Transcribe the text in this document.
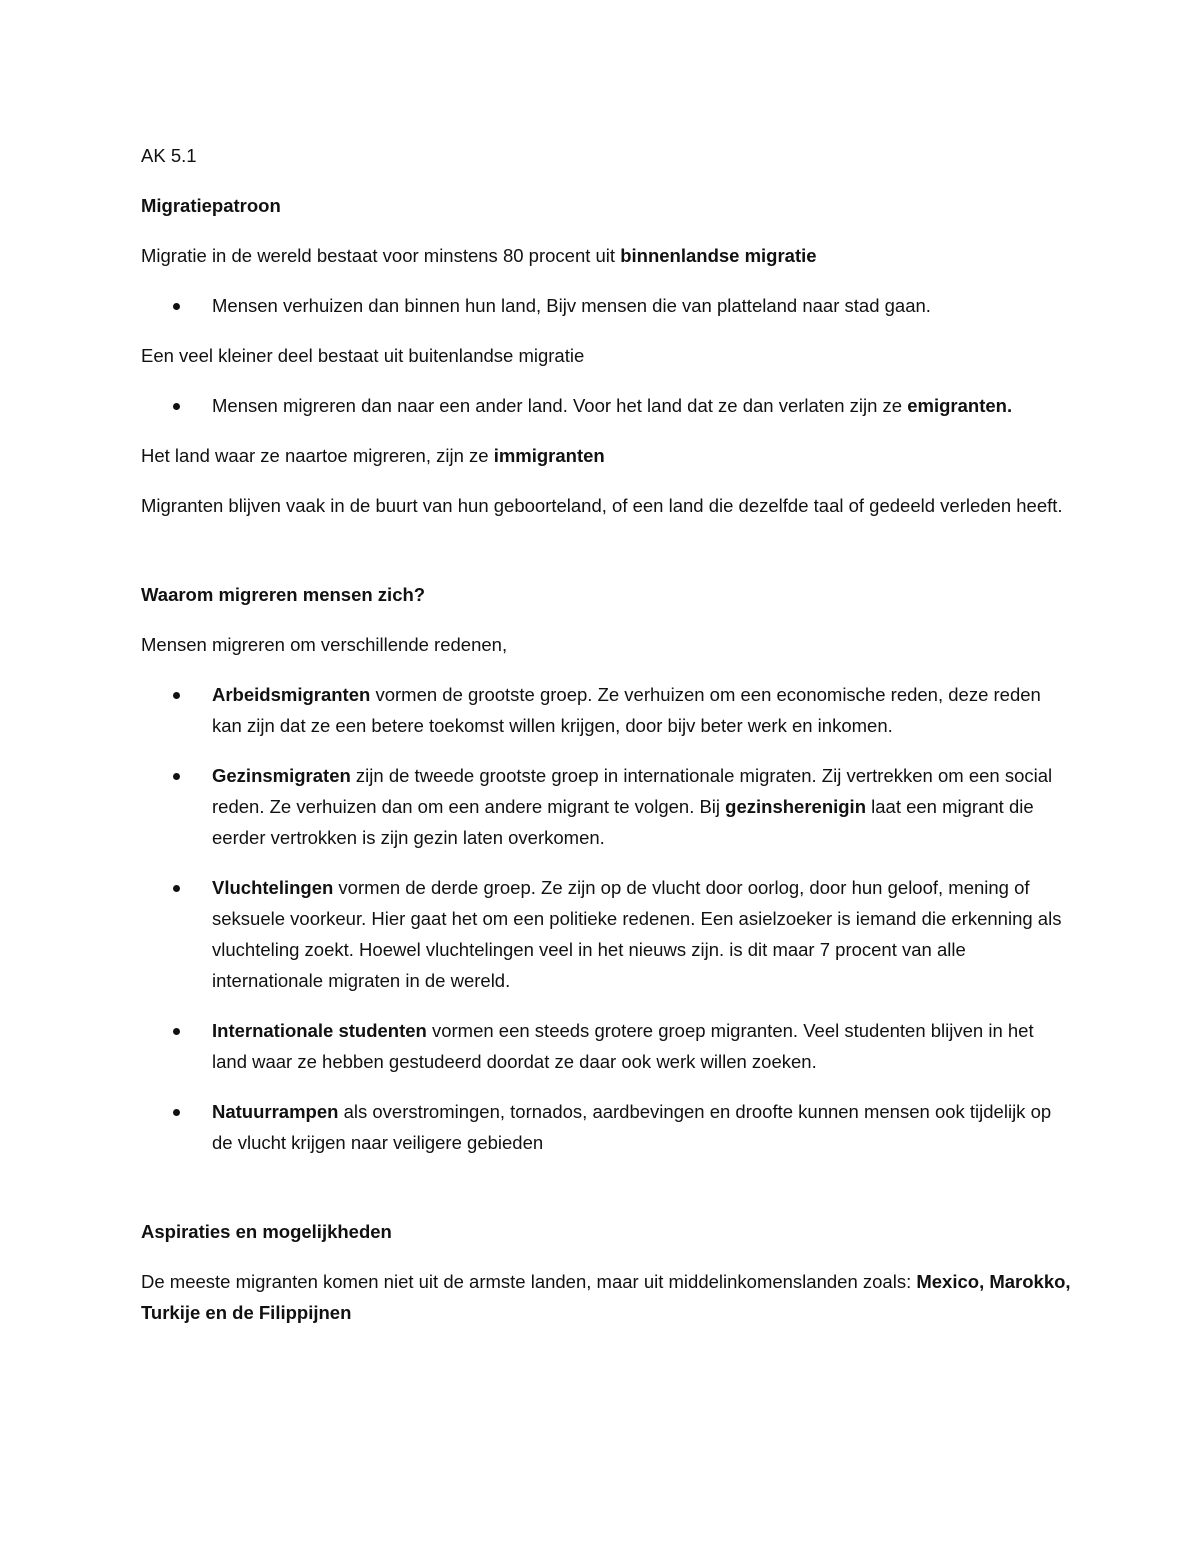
AK 5.1
Migratiepatroon
Migratie in de wereld bestaat voor minstens 80 procent uit binnenlandse migratie
Mensen verhuizen dan binnen hun land, Bijv mensen die van platteland naar stad gaan.
Een veel kleiner deel bestaat uit buitenlandse migratie
Mensen migreren dan naar een ander land. Voor het land dat ze dan verlaten zijn ze emigranten.
Het land waar ze naartoe migreren, zijn ze immigranten
Migranten blijven vaak in de buurt van hun geboorteland, of een land die dezelfde taal of gedeeld verleden heeft.
Waarom migreren mensen zich?
Mensen migreren om verschillende redenen,
Arbeidsmigranten vormen de grootste groep. Ze verhuizen om een economische reden, deze reden kan zijn dat ze een betere toekomst willen krijgen, door bijv beter werk en inkomen.
Gezinsmigraten zijn de tweede grootste groep in internationale migraten. Zij vertrekken om een social reden. Ze verhuizen dan om een andere migrant te volgen. Bij gezinsherenigin laat een migrant die eerder vertrokken is zijn gezin laten overkomen.
Vluchtelingen vormen de derde groep. Ze zijn op de vlucht door oorlog, door hun geloof, mening of seksuele voorkeur. Hier gaat het om een politieke redenen. Een asielzoeker is iemand die erkenning als vluchteling zoekt. Hoewel vluchtelingen veel in het nieuws zijn. is dit maar 7 procent van alle internationale migraten in de wereld.
Internationale studenten vormen een steeds grotere groep migranten. Veel studenten blijven in het land waar ze hebben gestudeerd doordat ze daar ook werk willen zoeken.
Natuurrampen als overstromingen, tornados, aardbevingen en droofte kunnen mensen ook tijdelijk op de vlucht krijgen naar veiligere gebieden
Aspiraties en mogelijkheden
De meeste migranten komen niet uit de armste landen, maar uit middelinkomenslanden zoals: Mexico, Marokko, Turkije en de Filippijnen
